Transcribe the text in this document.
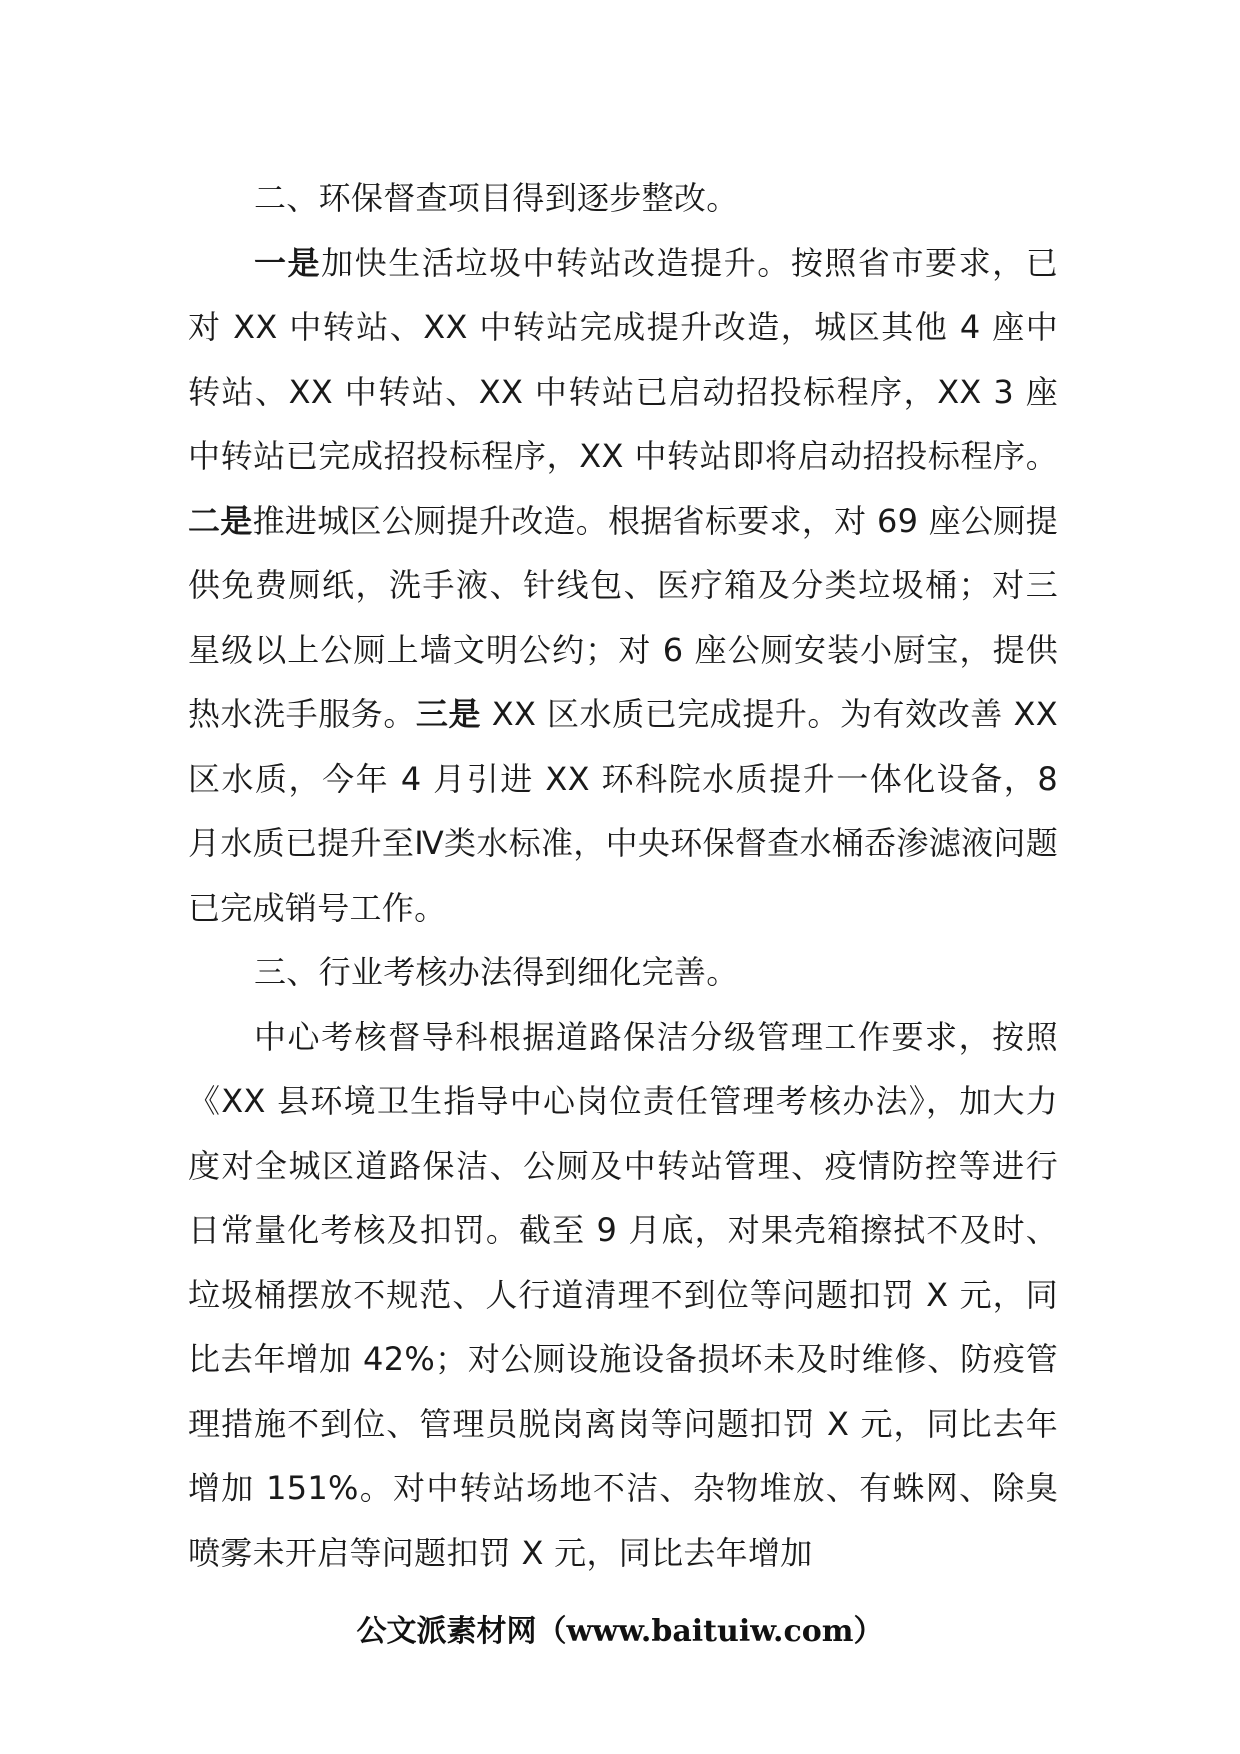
二、环保督查项目得到逐步整改。

一是加快生活垃圾中转站改造提升。按照省市要求，已对 XX 中转站、XX 中转站完成提升改造，城区其他 4 座中转站、XX 中转站、XX 中转站已启动招投标程序，XX 3 座中转站已完成招投标程序，XX 中转站即将启动招投标程序。二是推进城区公厕提升改造。根据省标要求，对 69 座公厕提供免费厕纸，洗手液、针线包、医疗箱及分类垃圾桶；对三星级以上公厕上墙文明公约；对 6 座公厕安装小厨宝，提供热水洗手服务。三是 XX 区水质已完成提升。为有效改善 XX 区水质，今年 4 月引进 XX 环科院水质提升一体化设备，8 月水质已提升至Ⅳ类水标准，中央环保督查水桶岙渗滤液问题已完成销号工作。

三、行业考核办法得到细化完善。

中心考核督导科根据道路保洁分级管理工作要求，按照《XX 县环境卫生指导中心岗位责任管理考核办法》，加大力度对全城区道路保洁、公厕及中转站管理、疫情防控等进行日常量化考核及扣罚。截至 9 月底，对果壳箱擦拭不及时、垃圾桶摆放不规范、人行道清理不到位等问题扣罚 X 元，同比去年增加 42%；对公厕设施设备损坏未及时维修、防疫管理措施不到位、管理员脱岗离岗等问题扣罚 X 元，同比去年增加 151%。对中转站场地不洁、杂物堆放、有蛛网、除臭喷雾未开启等问题扣罚 X 元，同比去年增加

公文派素材网（www.baituiw.com）
